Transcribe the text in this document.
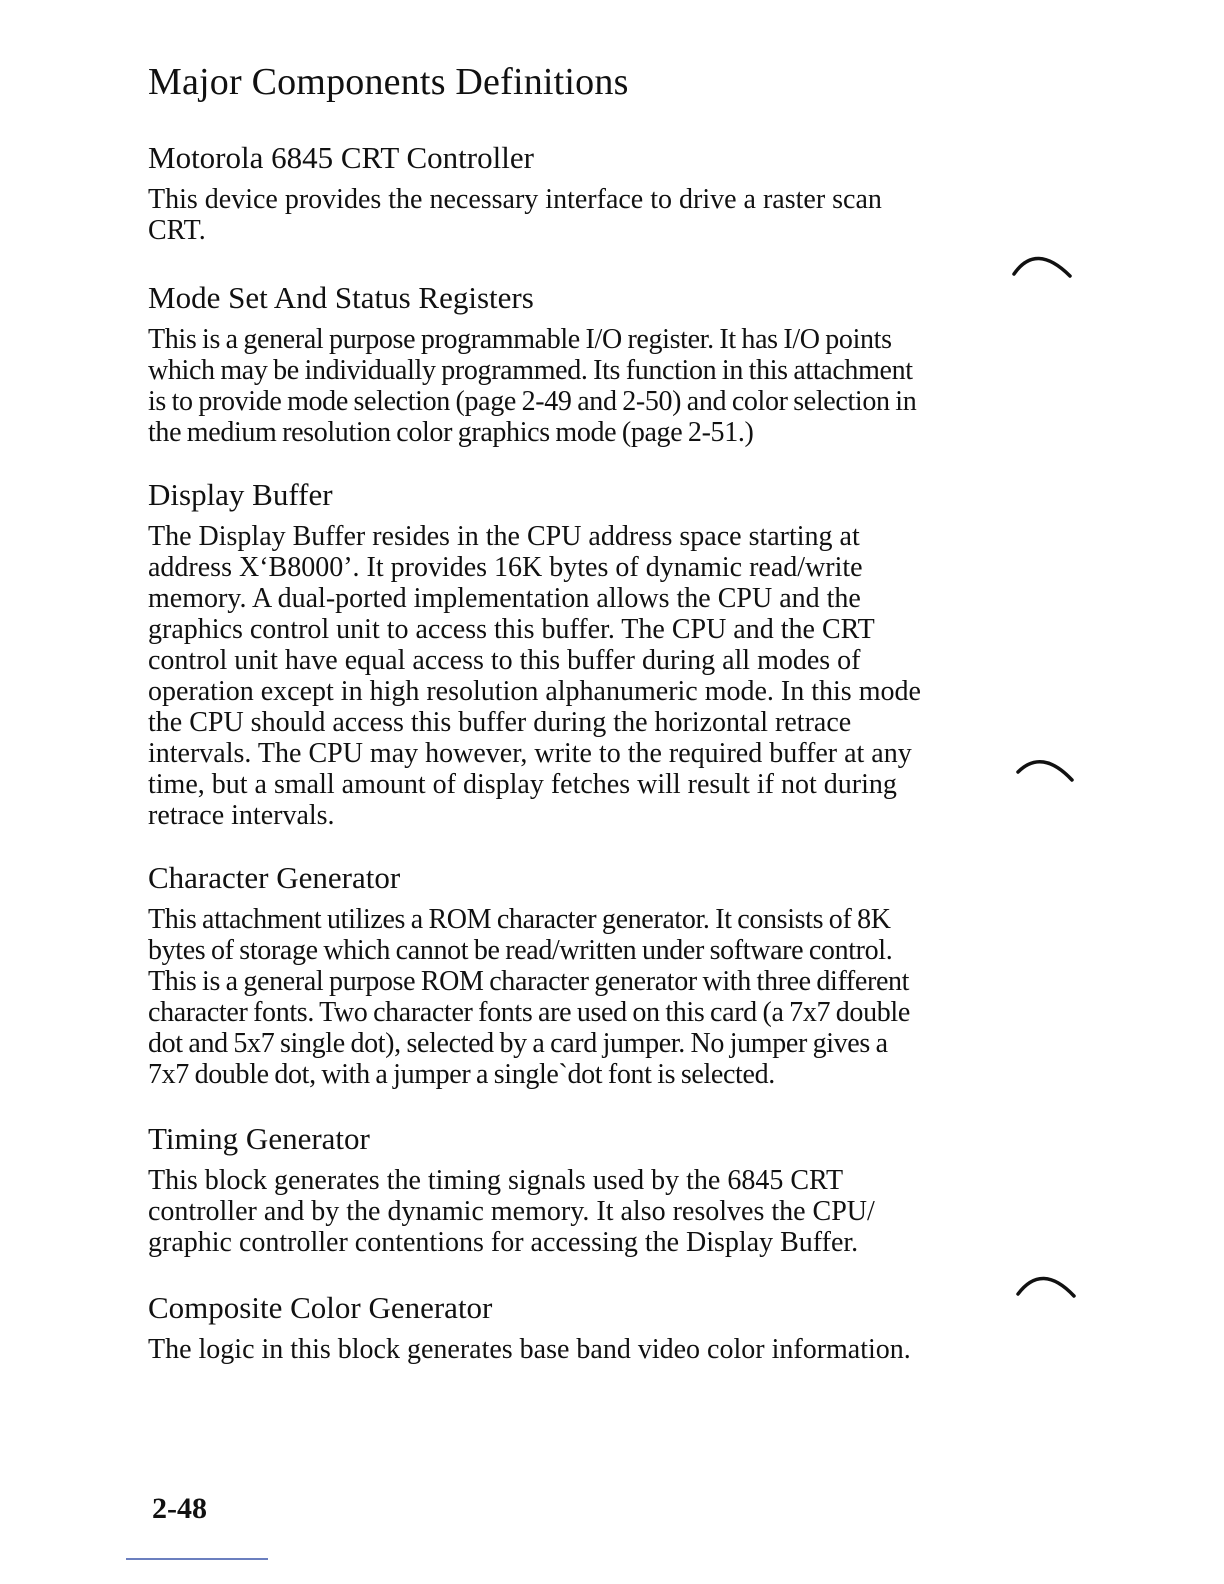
Major Components Definitions
Motorola 6845 CRT Controller

This device provides the necessary interface to drive a raster scan
CRT.

Mode Set And Status Registers

This is a general purpose programmable I/O register. It has I/O points
which may be individually programmed. Its function in this attachment
is to provide mode selection (page 2-49 and 2-50) and color selection in
the medium resolution color graphics mode (page 2-51.)

Display Buffer

The Display Buffer resides in the CPU address space starting at
address X‘B8000’. It provides 16K bytes of dynamic read/write
memory. A dual-ported implementation allows the CPU and the
graphics control unit to access this buffer. The CPU and the CRT
control unit have equal access to this buffer during all modes of
operation except in high resolution alphanumeric mode. In this mode
the CPU should access this buffer during the horizontal retrace
intervals. The CPU may however, write to the required buffer at any
time, but a small amount of display fetches will result if not during
retrace intervals.

Character Generator

This attachment utilizes a ROM character generator. It consists of 8K
bytes of storage which cannot be read/written under software control.
This is a general purpose ROM character generator with three different
character fonts. Two character fonts are used on this card (a 7x7 double
dot and 5x7 single dot), selected by a card jumper. No jumper gives a
7x7 double dot, with a jumper a single`dot font is selected.

Timing Generator

This block generates the timing signals used by the 6845 CRT
controller and by the dynamic memory. It also resolves the CPU/
graphic controller contentions for accessing the Display Buffer.

Composite Color Generator

The logic in this block generates base band video color information.

2-48
